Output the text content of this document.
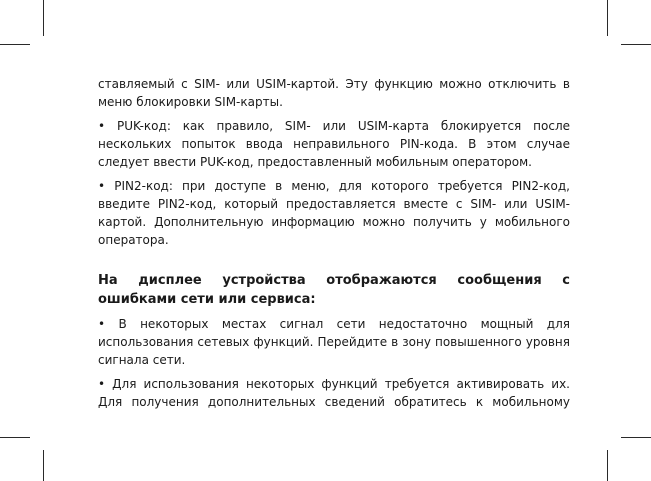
ставляемый с SIM- или USIM-картой. Эту функцию можно отключить в меню блокировки SIM-карты.

• PUK-код: как правило, SIM- или USIM-карта блокируется после нескольких попыток ввода неправильного PIN-кода. В этом случае следует ввести PUK-код, предоставленный мобильным оператором.

• PIN2-код: при доступе в меню, для которого требуется PIN2-код, введите PIN2-код, который предоставляется вместе с SIM- или USIM-картой. Дополнительную информацию можно получить у мобильного оператора.

На дисплее устройства отображаются сообщения с ошибками сети или сервиса:

• В некоторых местах сигнал сети недостаточно мощный для использования сетевых функций. Перейдите в зону повышенного уровня сигнала сети.

• Для использования некоторых функций требуется активировать их. Для получения дополнительных сведений обратитесь к мобильному
